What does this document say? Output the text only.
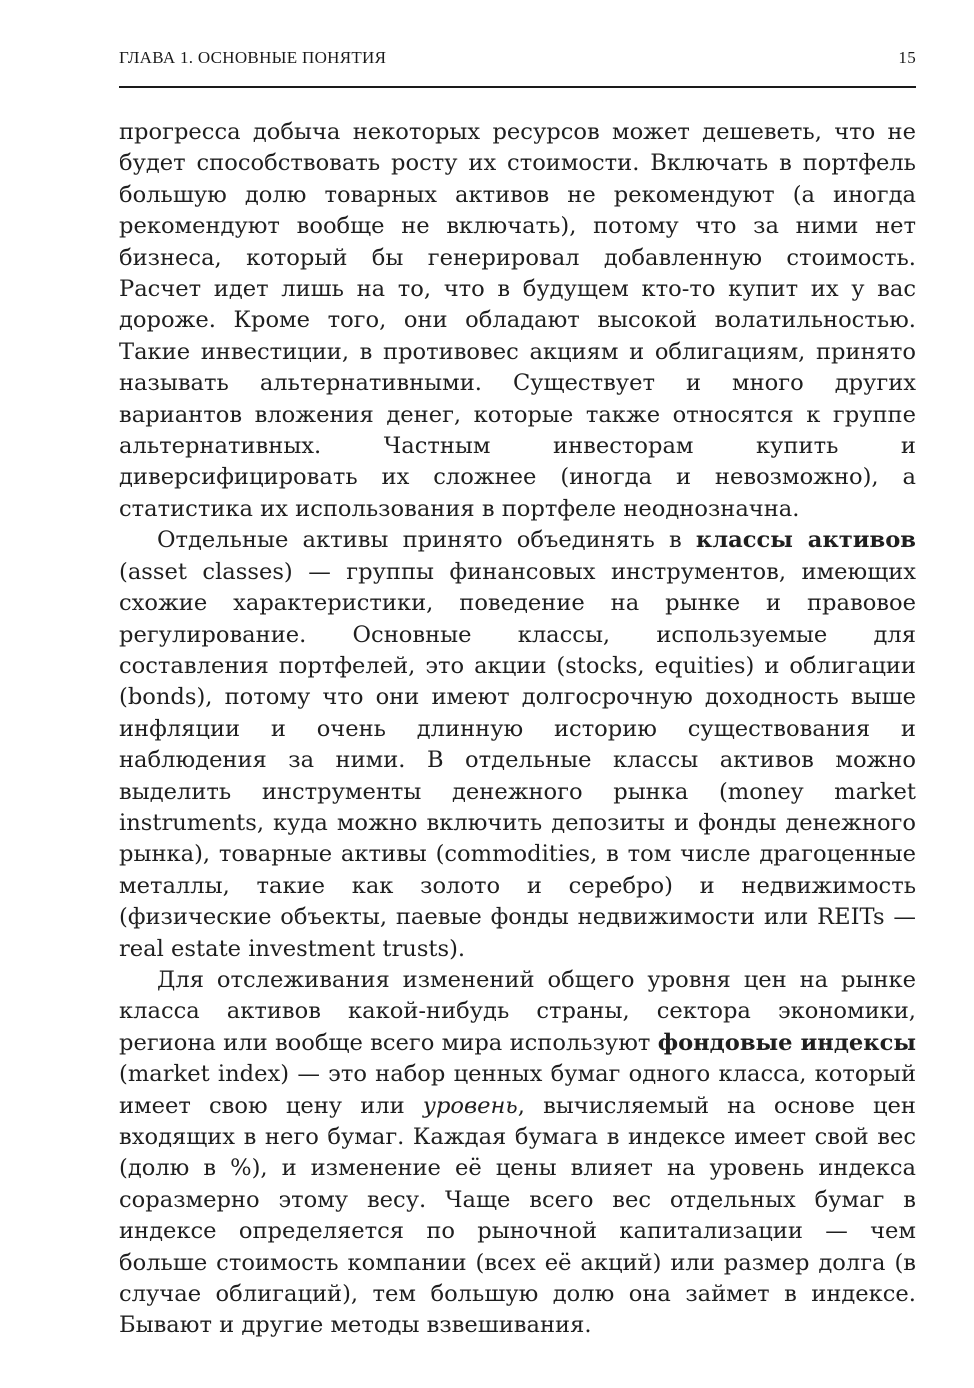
ГЛАВА 1. ОСНОВНЫЕ ПОНЯТИЯ	15

прогресса добыча некоторых ресурсов может дешеветь, что не будет способствовать росту их стоимости. Включать в портфель большую долю товарных активов не рекомендуют (а иногда рекомендуют вообще не включать), потому что за ними нет бизнеса, который бы генерировал добавленную стоимость. Расчет идет лишь на то, что в будущем кто-то купит их у вас дороже. Кроме того, они обладают высокой волатильностью. Такие инвестиции, в противовес акциям и облигациям, принято называть альтернативными. Существует и много других вариантов вложения денег, которые также относятся к группе альтернативных. Частным инвесторам купить и диверсифицировать их сложнее (иногда и невозможно), а статистика их использования в портфеле неоднозначна.

Отдельные активы принято объединять в классы активов (asset classes) — группы финансовых инструментов, имеющих схожие характеристики, поведение на рынке и правовое регулирование. Основные классы, используемые для составления портфелей, это акции (stocks, equities) и облигации (bonds), потому что они имеют долгосрочную доходность выше инфляции и очень длинную историю существования и наблюдения за ними. В отдельные классы активов можно выделить инструменты денежного рынка (money market instruments, куда можно включить депозиты и фонды денежного рынка), товарные активы (commodities, в том числе драгоценные металлы, такие как золото и серебро) и недвижимость (физические объекты, паевые фонды недвижимости или REITs — real estate investment trusts).

Для отслеживания изменений общего уровня цен на рынке класса активов какой-нибудь страны, сектора экономики, региона или вообще всего мира используют фондовые индексы (market index) — это набор ценных бумаг одного класса, который имеет свою цену или уровень, вычисляемый на основе цен входящих в него бумаг. Каждая бумага в индексе имеет свой вес (долю в %), и изменение её цены влияет на уровень индекса соразмерно этому весу. Чаще всего вес отдельных бумаг в индексе определяется по рыночной капитализации — чем больше стоимость компании (всех её акций) или размер долга (в случае облигаций), тем большую долю она займет в индексе. Бывают и другие методы взвешивания.
